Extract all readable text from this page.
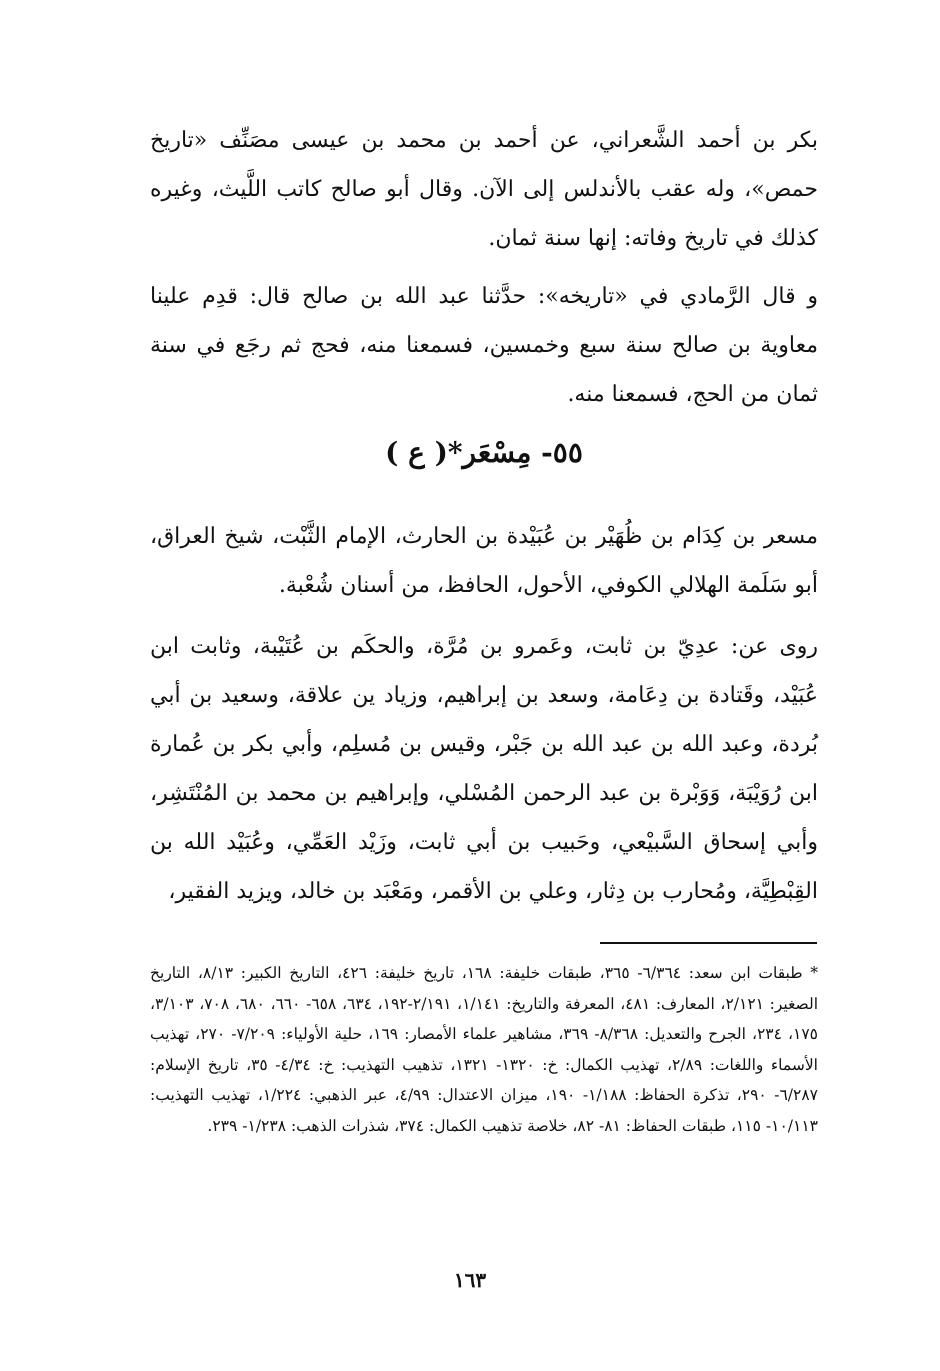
بكر بن أحمد الشَّعراني، عن أحمد بن محمد بن عيسى مصَنِّف «تاريخ حمص»، وله عقب بالأندلس إلى الآن. وقال أبو صالح كاتب اللَّيث، وغيره كذلك في تاريخ وفاته: إنها سنة ثمان.

و قال الرَّمادي في «تاريخه»: حدَّثنا عبد الله بن صالح قال: قدِم علينا معاوية بن صالح سنة سبع وخمسين، فسمعنا منه، فحج ثم رجَع في سنة ثمان من الحج، فسمعنا منه.

٥٥- مِسْعَر*( ع )

مسعر بن كِدَام بن ظُهَيْر بن عُبَيْدة بن الحارث، الإمام الثَّبْت، شيخ العراق، أبو سَلَمة الهلالي الكوفي، الأحول، الحافظ، من أسنان شُعْبة.

روى عن: عدِيّ بن ثابت، وعَمرو بن مُرَّة، والحكَم بن عُتَيْبة، وثابت ابن عُبَيْد، وقَتادة بن دِعَامة، وسعد بن إبراهيم، وزياد ين علاقة، وسعيد بن أبي بُردة، وعبد الله بن عبد الله بن جَبْر، وقيس بن مُسلِم، وأبي بكر بن عُمارة ابن رُوَيْبَة، وَوَبْرة بن عبد الرحمن المُسْلي، وإبراهيم بن محمد بن المُنْتَشِر، وأبي إسحاق السَّبيْعي، وحَبيب بن أبي ثابت، وزَيْد العَمِّي، وعُبَيْد الله بن القِبْطِيَّة، ومُحارب بن دِثار، وعلي بن الأقمر، ومَعْبَد بن خالد، ويزيد الفقير،

* طبقات ابن سعد: ٦/٣٦٤- ٣٦٥، طبقات خليفة: ١٦٨، تاريخ خليفة: ٤٢٦، التاريخ الكبير: ٨/١٣، التاريخ الصغير: ٢/١٢١، المعارف: ٤٨١، المعرفة والتاريخ: ١/١٤١، ٢/١٩١-١٩٢، ٦٣٤، ٦٥٨- ٦٦٠، ٦٨٠، ٧٠٨، ٣/١٠٣، ١٧٥، ٢٣٤، الجرح والتعديل: ٨/٣٦٨- ٣٦٩، مشاهير علماء الأمصار: ١٦٩، حلية الأولياء: ٧/٢٠٩- ٢٧٠، تهذيب الأسماء واللغات: ٢/٨٩، تهذيب الكمال: خ: ١٣٢٠- ١٣٢١، تذهيب التهذيب: خ: ٤/٣٤- ٣٥، تاريخ الإسلام: ٦/٢٨٧- ٢٩٠، تذكرة الحفاظ: ١/١٨٨- ١٩٠، ميزان الاعتدال: ٤/٩٩، عبر الذهبي: ١/٢٢٤، تهذيب التهذيب: ١٠/١١٣- ١١٥، طبقات الحفاظ: ٨١- ٨٢، خلاصة تذهيب الكمال: ٣٧٤، شذرات الذهب: ١/٢٣٨- ٢٣٩.

١٦٣
